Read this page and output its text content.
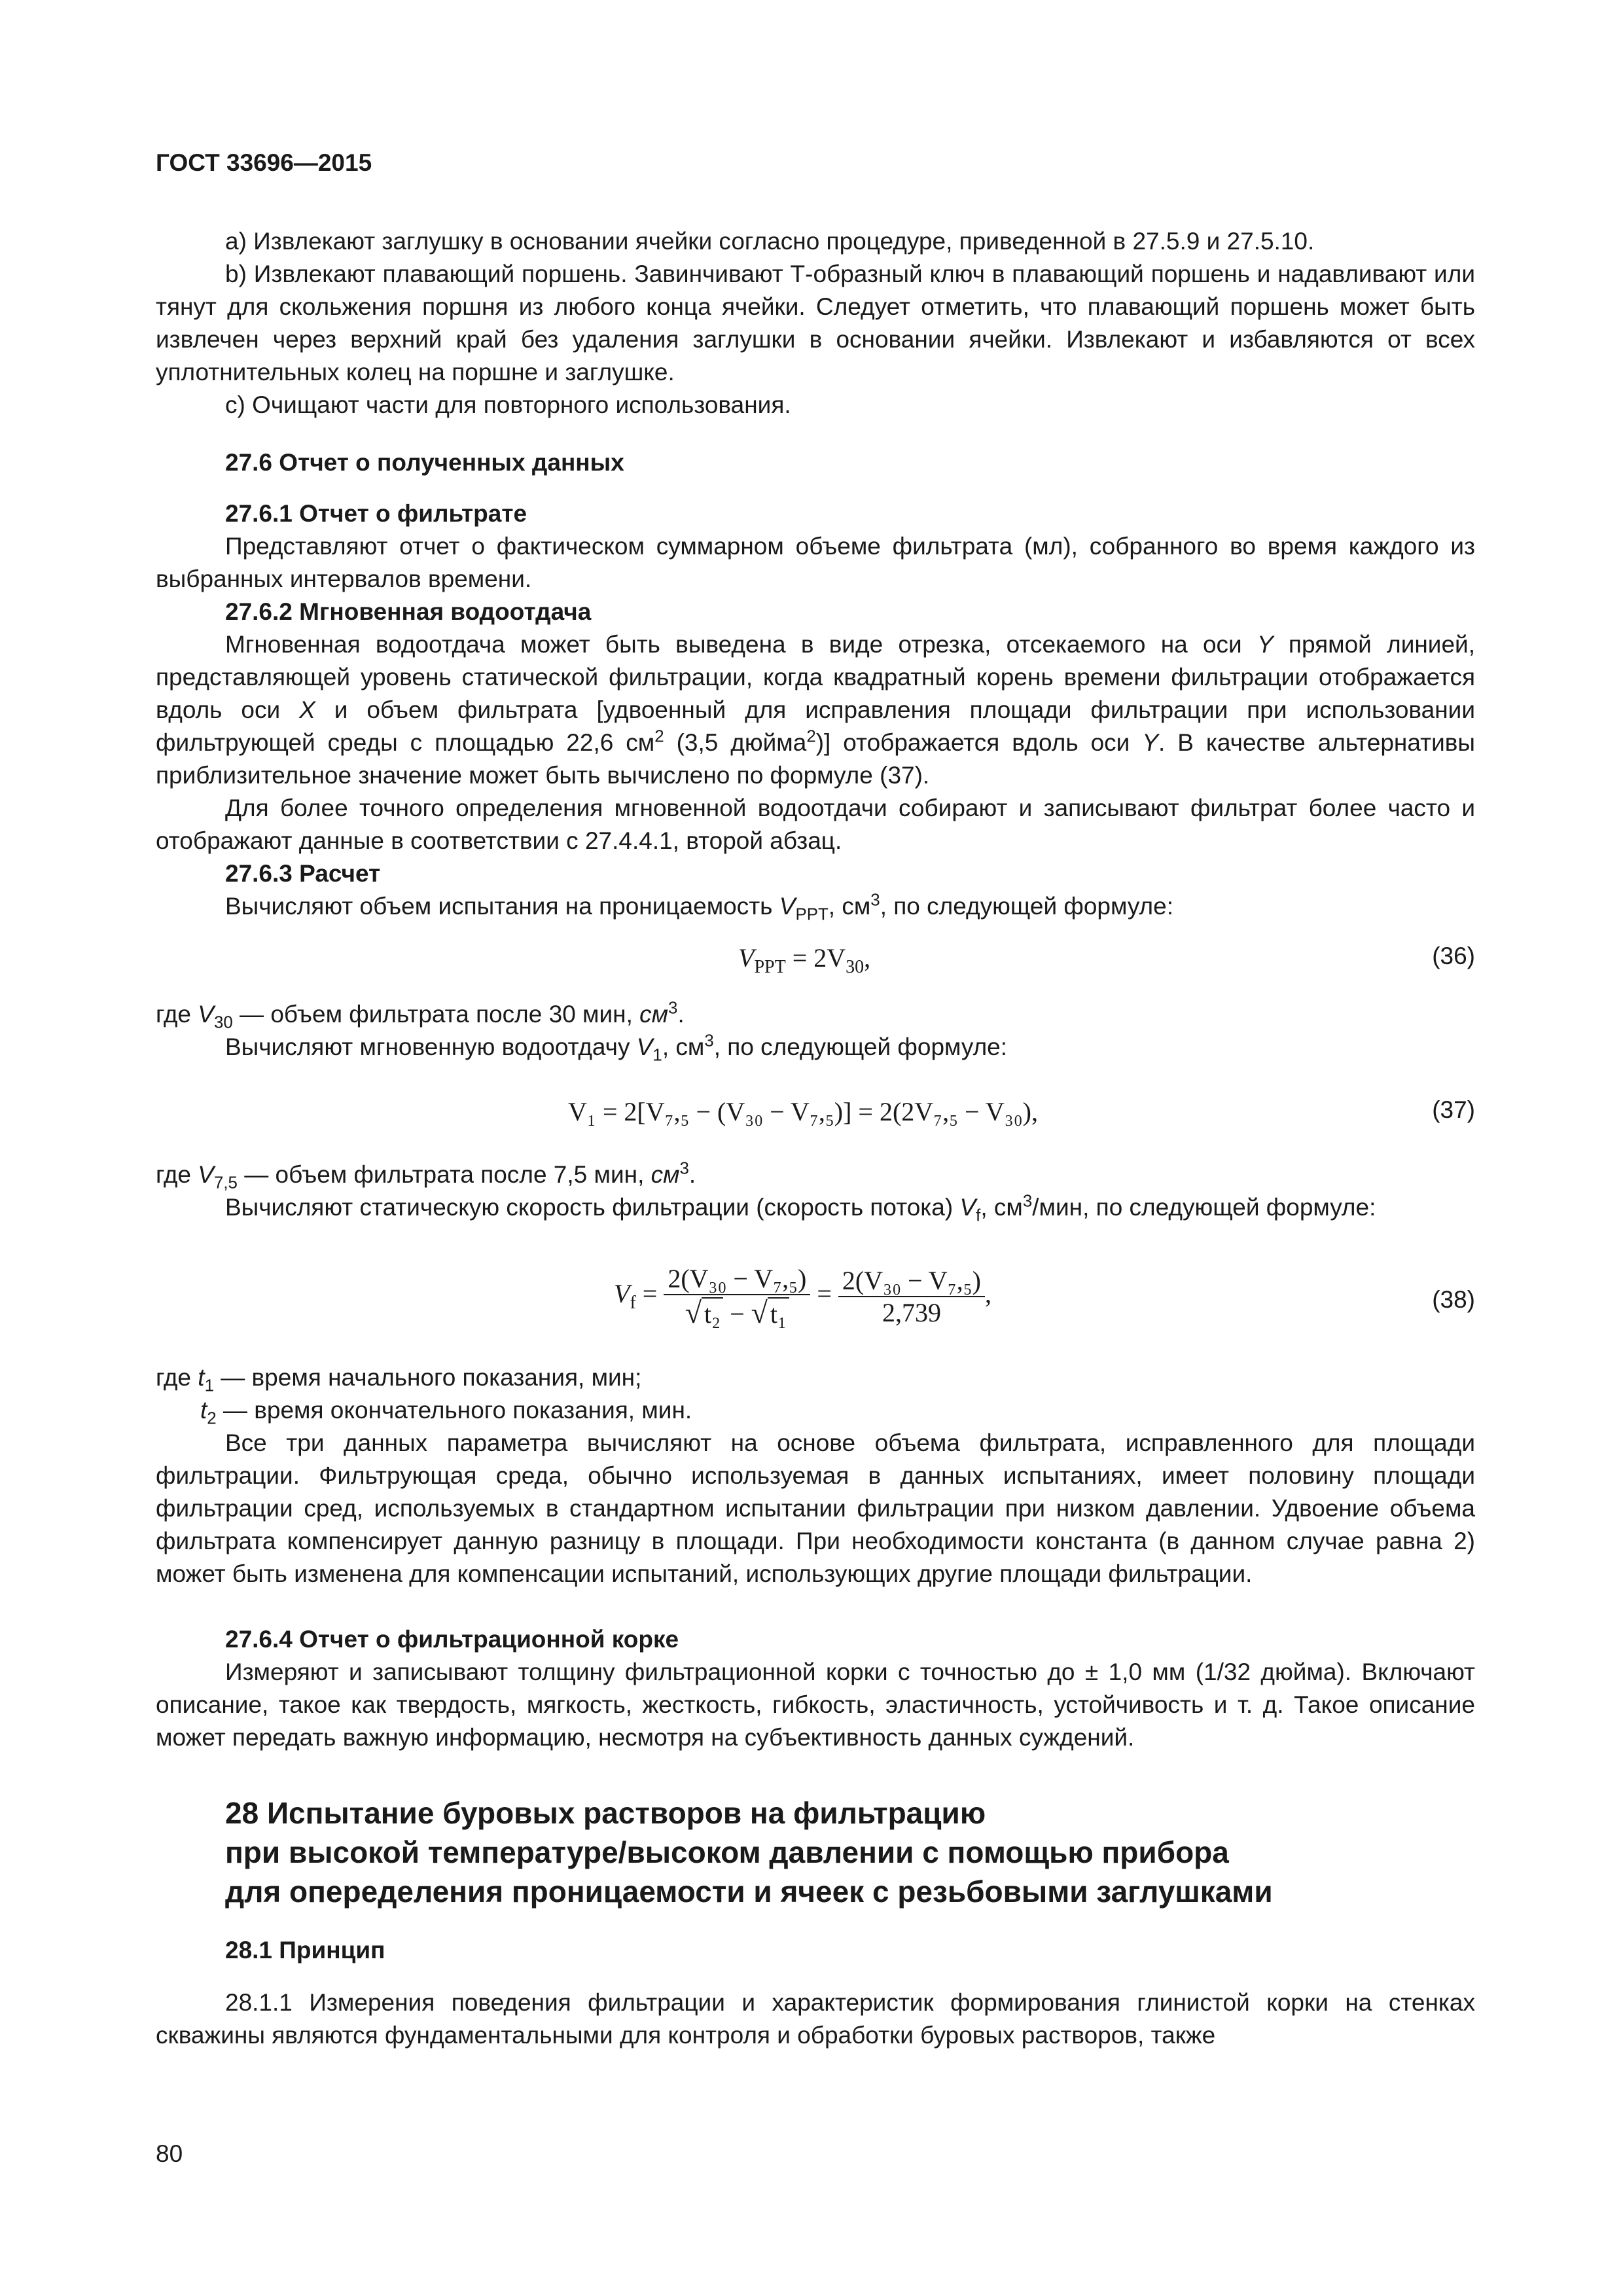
ГОСТ 33696—2015
а) Извлекают заглушку в основании ячейки согласно процедуре, приведенной в 27.5.9 и 27.5.10.
b) Извлекают плавающий поршень. Завинчивают Т-образный ключ в плавающий поршень и надавливают или тянут для скольжения поршня из любого конца ячейки. Следует отметить, что плавающий поршень может быть извлечен через верхний край без удаления заглушки в основании ячейки. Извлекают и избавляются от всех уплотнительных колец на поршне и заглушке.
с) Очищают части для повторного использования.
27.6 Отчет о полученных данных
27.6.1 Отчет о фильтрате
Представляют отчет о фактическом суммарном объеме фильтрата (мл), собранного во время каждого из выбранных интервалов времени.
27.6.2 Мгновенная водоотдача
Мгновенная водоотдача может быть выведена в виде отрезка, отсекаемого на оси Y прямой линией, представляющей уровень статической фильтрации, когда квадратный корень времени фильтрации отображается вдоль оси X и объем фильтрата [удвоенный для исправления площади фильтрации при использовании фильтрующей среды с площадью 22,6 $см^2$ (3,5 дюйма$^2$)] отображается вдоль оси Y. В качестве альтернативы приблизительное значение может быть вычислено по формуле (37).
Для более точного определения мгновенной водоотдачи собирают и записывают фильтрат более часто и отображают данные в соответствии с 27.4.4.1, второй абзац.
27.6.3 Расчет
Вычисляют объем испытания на проницаемость $V_{PPT}$, $см^3$, по следующей формуле:
$V_{PPT} = 2V_{30}$,	(36)
где $V_{30}$ — объем фильтрата после 30 мин, $см^3$.
Вычисляют мгновенную водоотдачу $V_1$, $см^3$, по следующей формуле:
V₁ = 2[V₇,₅ − (V₃₀ − V₇,₅)] = 2(2V₇,₅ − V₃₀),	(37)
где $V_{7,5}$ — объем фильтрата после 7,5 мин, $см^3$.
Вычисляют статическую скорость фильтрации (скорость потока) $V_f$, $см^3$/мин, по следующей формуле:
$V_f = \frac{\text{2(V₃₀ − V₇,₅)}}{\text{√ t₂ − √ t₁}} = \frac{\text{2(V₃₀ − V₇,₅)}}{2,739}$ ,	(38)
где $t_1$ — время начального показания, мин;
$t_2$ — время окончательного показания, мин.
Все три данных параметра вычисляют на основе объема фильтрата, исправленного для площади фильтрации. Фильтрующая среда, обычно используемая в данных испытаниях, имеет половину площади фильтрации сред, используемых в стандартном испытании фильтрации при низком давлении. Удвоение объема фильтрата компенсирует данную разницу в площади. При необходимости константа (в данном случае равна 2) может быть изменена для компенсации испытаний, использующих другие площади фильтрации.
27.6.4 Отчет о фильтрационной корке
Измеряют и записывают толщину фильтрационной корки с точностью до ± 1,0 мм (1/32 дюйма). Включают описание, такое как твердость, мягкость, жесткость, гибкость, эластичность, устойчивость и т. д. Такое описание может передать важную информацию, несмотря на субъективность данных суждений.
28 Испытание буровых растворов на фильтрацию
при высокой температуре/высоком давлении с помощью прибора
для опеределения проницаемости и ячеек с резьбовыми заглушками
28.1 Принцип
28.1.1 Измерения поведения фильтрации и характеристик формирования глинистой корки на стенках скважины являются фундаментальными для контроля и обработки буровых растворов, также
80
